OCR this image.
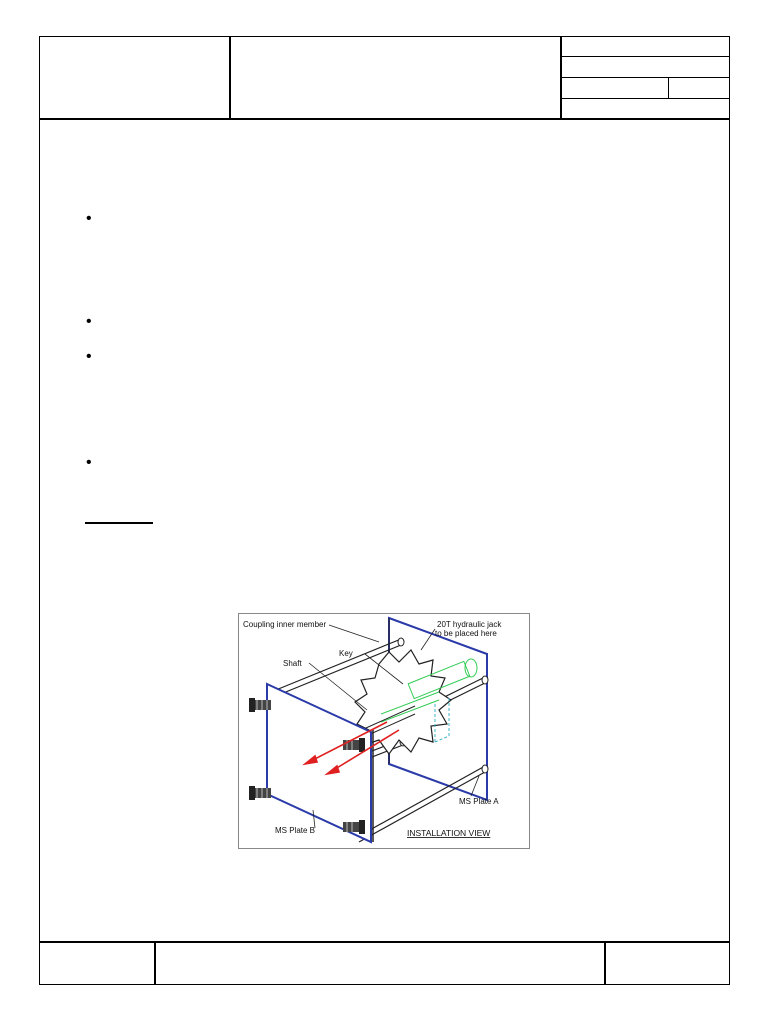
•
•
•
•
Coupling inner member
Key
Shaft
20T hydraulic jack
to be placed here
MS Plate A
MS Plate B	INSTALLATION VIEW
